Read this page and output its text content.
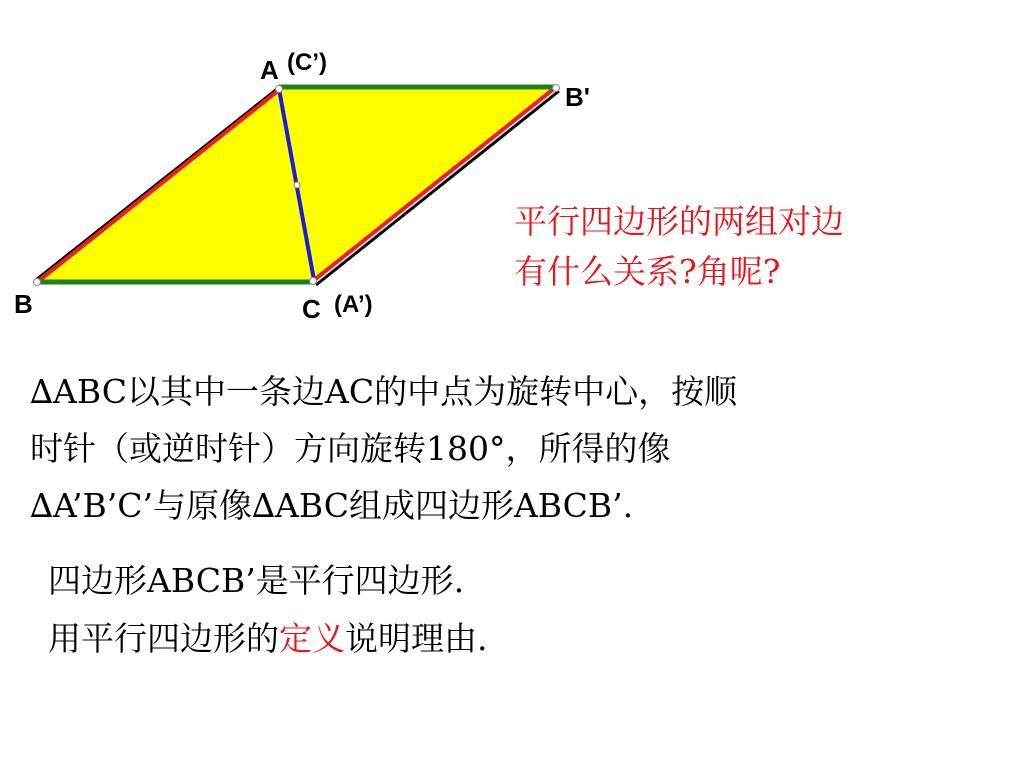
A (C’)
B'
B	C (A’)
平行四边形的两组对边
有什么关系?角呢?
∆ABC以其中一条边AC的中点为旋转中心，按顺
时针（或逆时针）方向旋转180°，所得的像
∆A’B’C’与原像∆ABC组成四边形ABCB’.
四边形ABCB’是平行四边形.
用平行四边形的定义说明理由.
